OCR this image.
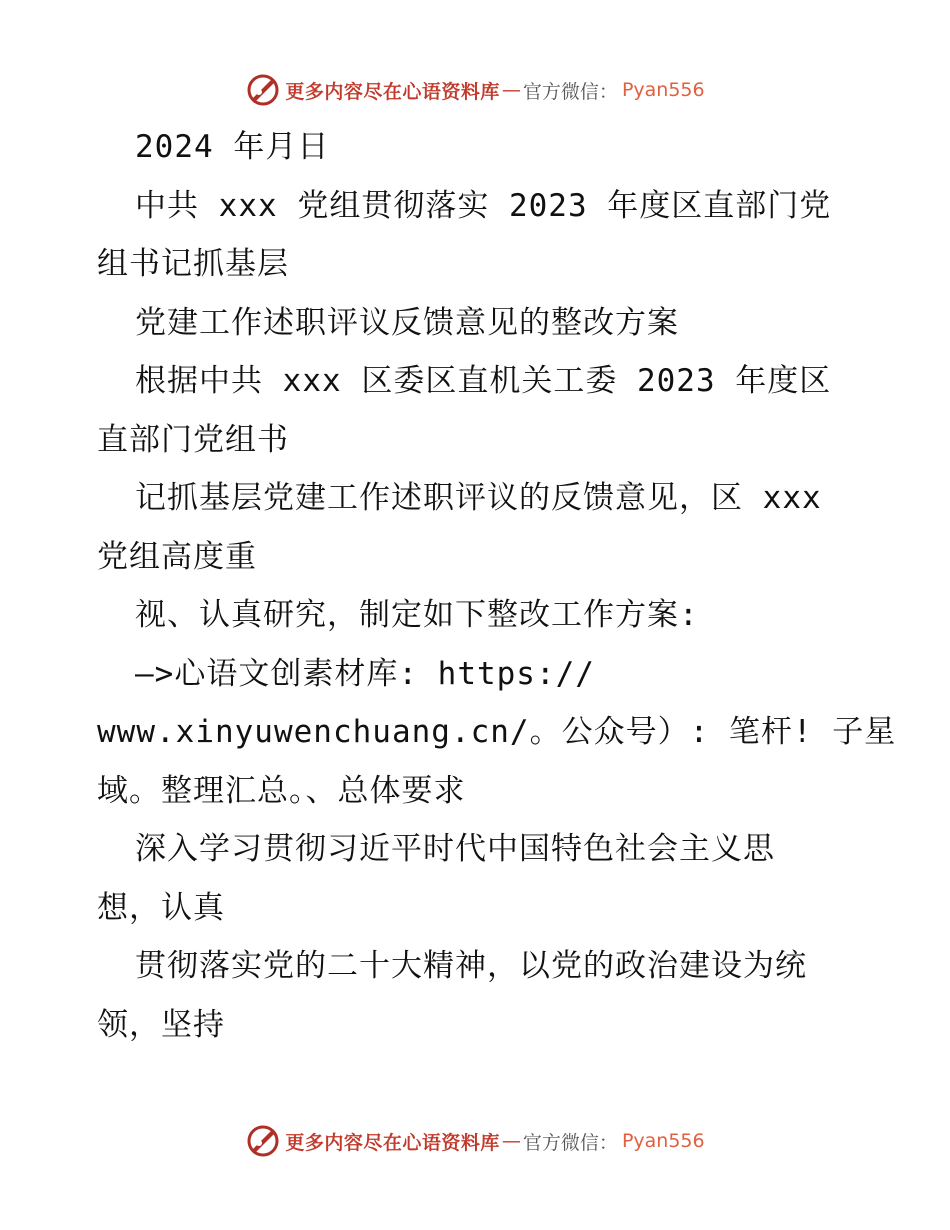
更多内容尽在心语资料库 — 官方微信： Pyan556
2024 年月日
中共 xxx 党组贯彻落实 2023 年度区直部门党
组书记抓基层
党建工作述职评议反馈意见的整改方案
根据中共 xxx 区委区直机关工委 2023 年度区
直部门党组书
记抓基层党建工作述职评议的反馈意见，区 xxx
党组高度重
视、认真研究，制定如下整改工作方案:
—>心语文创素材库: https://
www.xinyuwenchuang.cn/。公众号）: 笔杆! 子星
域。整理汇总。、总体要求
深入学习贯彻习近平时代中国特色社会主义思
想，认真
贯彻落实党的二十大精神，以党的政治建设为统
领，坚持
更多内容尽在心语资料库 — 官方微信： Pyan556
